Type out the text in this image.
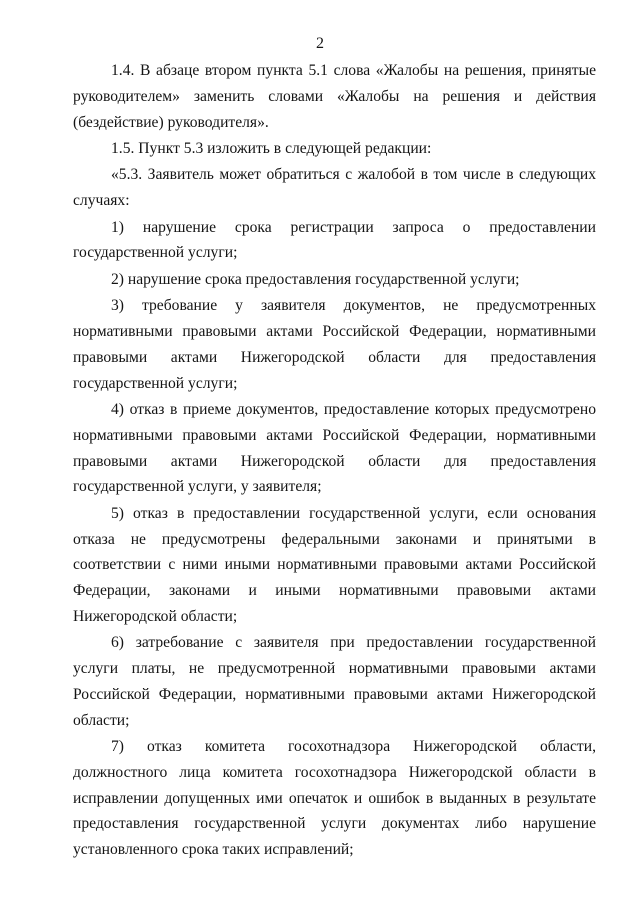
2

1.4. В абзаце втором пункта 5.1 слова «Жалобы на решения, принятые руководителем» заменить словами «Жалобы на решения и действия (бездействие) руководителя».

1.5. Пункт 5.3 изложить в следующей редакции:

«5.3. Заявитель может обратиться с жалобой в том числе в следующих случаях:

1) нарушение срока регистрации запроса о предоставлении государственной услуги;

2) нарушение срока предоставления государственной услуги;

3) требование у заявителя документов, не предусмотренных нормативными правовыми актами Российской Федерации, нормативными правовыми актами Нижегородской области для предоставления государственной услуги;

4) отказ в приеме документов, предоставление которых предусмотрено нормативными правовыми актами Российской Федерации, нормативными правовыми актами Нижегородской области для предоставления государственной услуги, у заявителя;

5) отказ в предоставлении государственной услуги, если основания отказа не предусмотрены федеральными законами и принятыми в соответствии с ними иными нормативными правовыми актами Российской Федерации, законами и иными нормативными правовыми актами Нижегородской области;

6) затребование с заявителя при предоставлении государственной услуги платы, не предусмотренной нормативными правовыми актами Российской Федерации, нормативными правовыми актами Нижегородской области;

7) отказ комитета госохотнадзора Нижегородской области, должностного лица комитета госохотнадзора Нижегородской области в исправлении допущенных ими опечаток и ошибок в выданных в результате предоставления государственной услуги документах либо нарушение установленного срока таких исправлений;
